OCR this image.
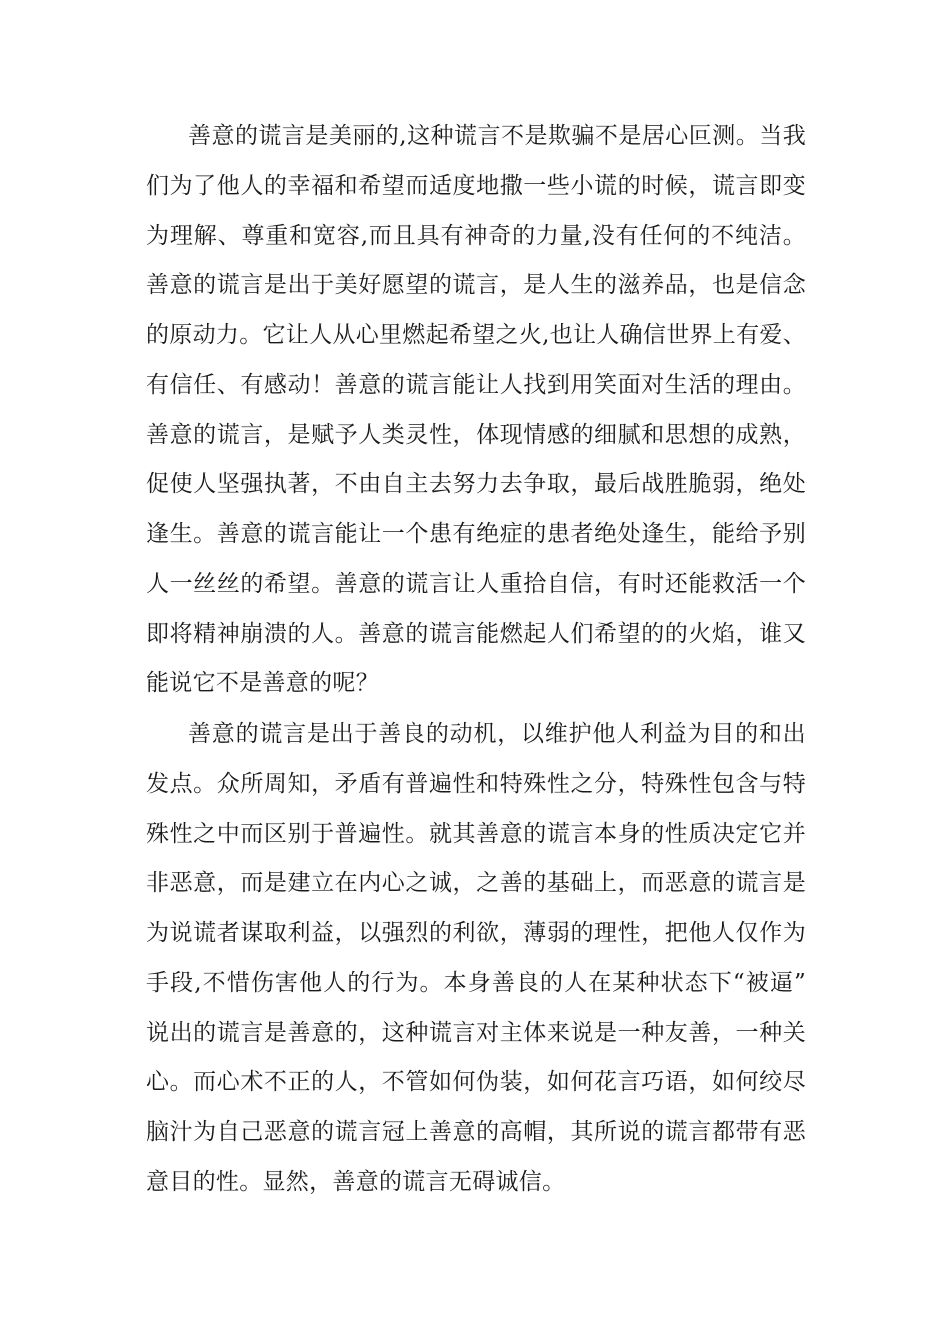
善意的谎言是美丽的,这种谎言不是欺骗不是居心叵测。当我
们为了他人的幸福和希望而适度地撒一些小谎的时候，谎言即变
为理解、尊重和宽容,而且具有神奇的力量,没有任何的不纯洁。
善意的谎言是出于美好愿望的谎言，是人生的滋养品，也是信念
的原动力。它让人从心里燃起希望之火,也让人确信世界上有爱、
有信任、有感动！善意的谎言能让人找到用笑面对生活的理由。
善意的谎言，是赋予人类灵性，体现情感的细腻和思想的成熟，
促使人坚强执著，不由自主去努力去争取，最后战胜脆弱，绝处
逢生。善意的谎言能让一个患有绝症的患者绝处逢生，能给予别
人一丝丝的希望。善意的谎言让人重拾自信，有时还能救活一个
即将精神崩溃的人。善意的谎言能燃起人们希望的的火焰，谁又
能说它不是善意的呢？
善意的谎言是出于善良的动机，以维护他人利益为目的和出
发点。众所周知，矛盾有普遍性和特殊性之分，特殊性包含与特
殊性之中而区别于普遍性。就其善意的谎言本身的性质决定它并
非恶意，而是建立在内心之诚，之善的基础上，而恶意的谎言是
为说谎者谋取利益，以强烈的利欲，薄弱的理性，把他人仅作为
手段,不惜伤害他人的行为。本身善良的人在某种状态下“被逼”
说出的谎言是善意的，这种谎言对主体来说是一种友善，一种关
心。而心术不正的人，不管如何伪装，如何花言巧语，如何绞尽
脑汁为自己恶意的谎言冠上善意的高帽，其所说的谎言都带有恶
意目的性。显然，善意的谎言无碍诚信。
